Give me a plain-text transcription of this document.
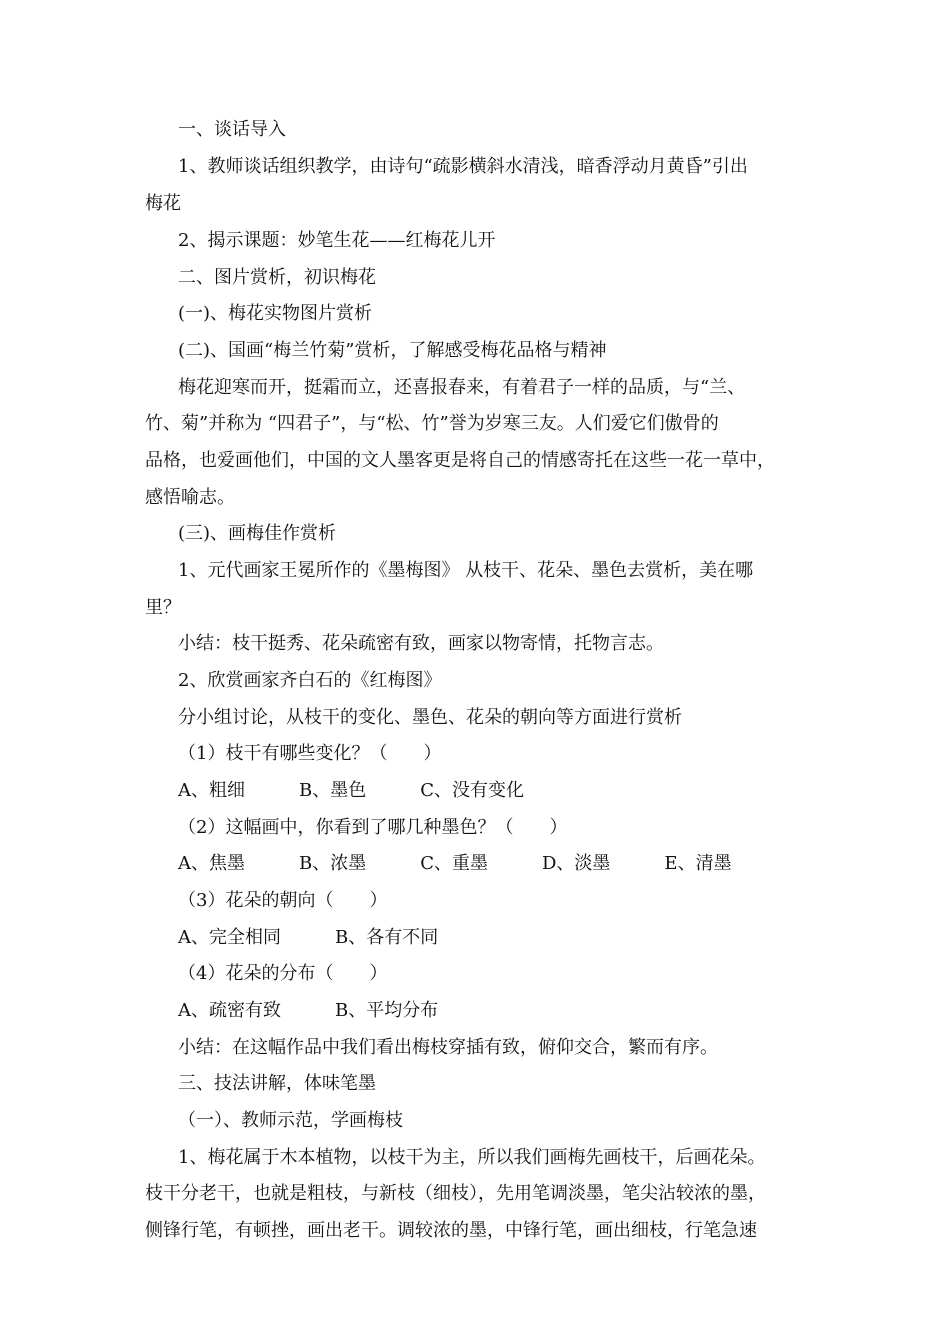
一、谈话导入
1、教师谈话组织教学，由诗句“疏影横斜水清浅，暗香浮动月黄昏”引出
梅花
2、揭示课题：妙笔生花——红梅花儿开
二、图片赏析，初识梅花
(一)、梅花实物图片赏析
(二)、国画“梅兰竹菊”赏析，了解感受梅花品格与精神
梅花迎寒而开，挺霜而立，还喜报春来，有着君子一样的品质，与“兰、
竹、菊”并称为 “四君子”，与“松、竹”誉为岁寒三友。人们爱它们傲骨的
品格，也爱画他们，中国的文人墨客更是将自己的情感寄托在这些一花一草中，
感悟喻志。
(三)、画梅佳作赏析
1、元代画家王冕所作的《墨梅图》 从枝干、花朵、墨色去赏析，美在哪
里？
小结：枝干挺秀、花朵疏密有致，画家以物寄情，托物言志。
2、欣赏画家齐白石的《红梅图》
分小组讨论，从枝干的变化、墨色、花朵的朝向等方面进行赏析
（1）枝干有哪些变化？（　　）
A、粗细　　　B、墨色　　　C、没有变化
（2）这幅画中，你看到了哪几种墨色？（　　）
A、焦墨　　　B、浓墨　　　C、重墨　　　D、淡墨　　　E、清墨
（3）花朵的朝向（　　）
A、完全相同　　　B、各有不同
（4）花朵的分布（　　）
A、疏密有致　　　B、平均分布
小结：在这幅作品中我们看出梅枝穿插有致，俯仰交合，繁而有序。
三、技法讲解，体味笔墨
（一）、教师示范，学画梅枝
1、梅花属于木本植物，以枝干为主，所以我们画梅先画枝干，后画花朵。
枝干分老干，也就是粗枝，与新枝（细枝），先用笔调淡墨，笔尖沾较浓的墨，
侧锋行笔，有顿挫，画出老干。调较浓的墨，中锋行笔，画出细枝，行笔急速
